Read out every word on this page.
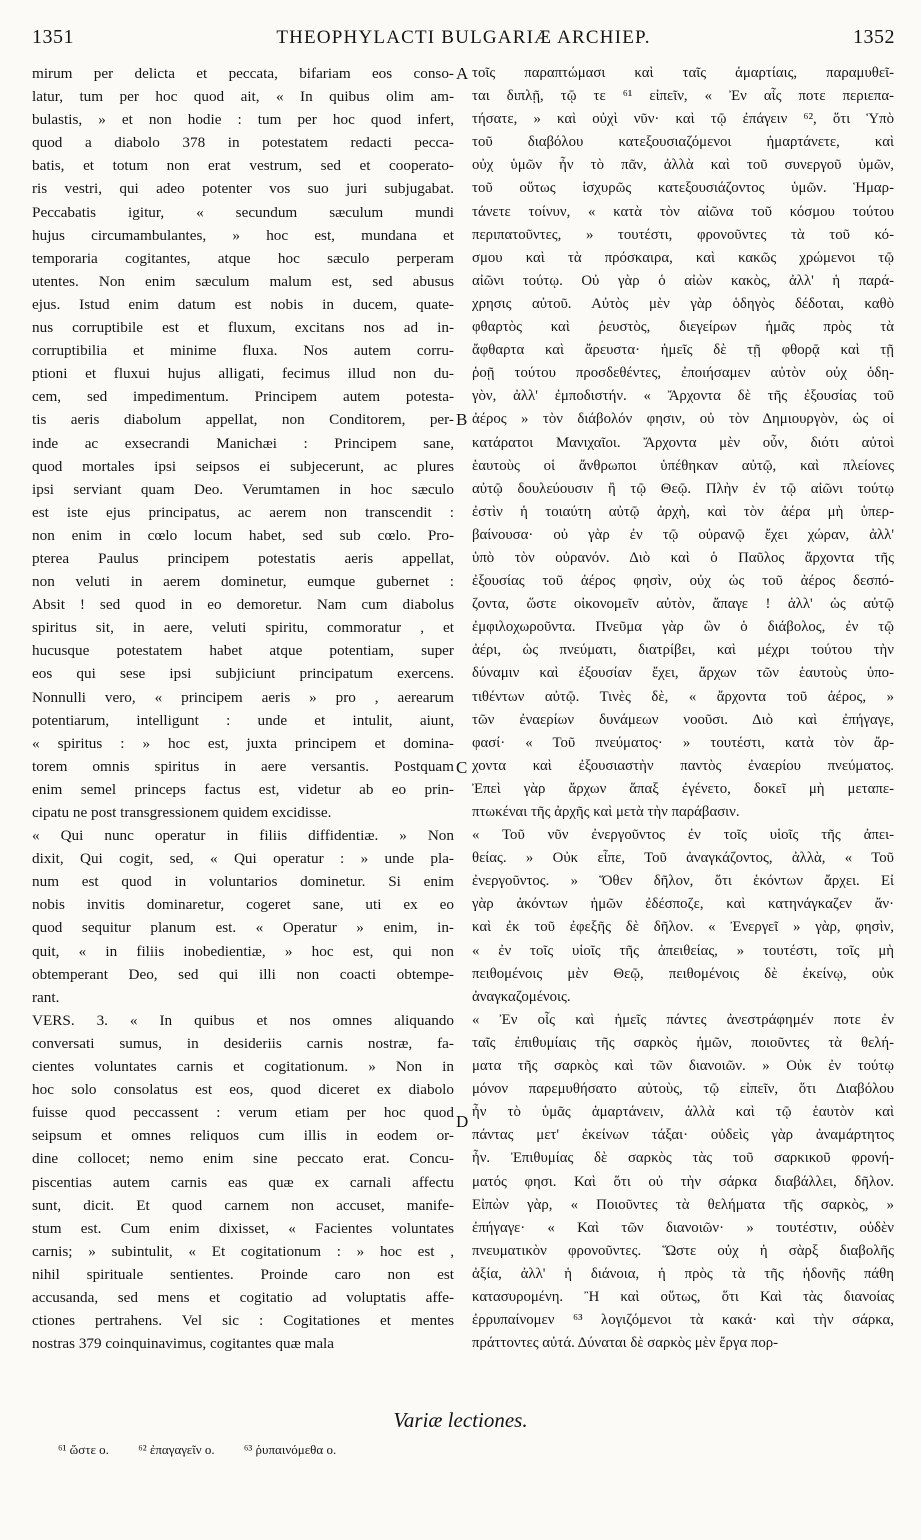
1351	THEOPHYLACTI BULGARIÆ ARCHIEP.	1352
mirum per delicta et peccata, bifariam eos conso-
latur, tum per hoc quod ait, « In quibus olim am-
bulastis, » et non hodie : tum per hoc quod infert,
quod a diabolo 378 in potestatem redacti pecca-
batis, et totum non erat vestrum, sed et cooperato-
ris vestri, qui adeo potenter vos suo juri subjugabat.
Peccabatis igitur, « secundum sæculum mundi
hujus circumambulantes, » hoc est, mundana et
temporaria cogitantes, atque hoc sæculo perperam
utentes. Non enim sæculum malum est, sed abusus
ejus. Istud enim datum est nobis in ducem, quate-
nus corruptibile est et fluxum, excitans nos ad in-
corruptibilia et minime fluxa. Nos autem corru-
ptioni et fluxui hujus alligati, fecimus illud non du-
cem, sed impedimentum. Principem autem potesta-
tis aeris diabolum appellat, non Conditorem, per-
inde ac exsecrandi Manichæi : Principem sane,
quod mortales ipsi seipsos ei subjecerunt, ac plures
ipsi serviant quam Deo. Verumtamen in hoc sæculo
est iste ejus principatus, ac aerem non transcendit :
non enim in cœlo locum habet, sed sub cœlo. Pro-
pterea Paulus principem potestatis aeris appellat,
non veluti in aerem dominetur, eumque gubernet :
Absit ! sed quod in eo demoretur. Nam cum diabolus
spiritus sit, in aere, veluti spiritu, commoratur , et
hucusque potestatem habet atque potentiam, super
eos qui sese ipsi subjiciunt principatum exercens.
Nonnulli vero, « principem aeris » pro , aerearum
potentiarum, intelligunt : unde et intulit, aiunt,
« spiritus : » hoc est, juxta principem et domina-
torem omnis spiritus in aere versantis. Postquam
enim semel princeps factus est, videtur ab eo prin-
cipatu ne post transgressionem quidem excidisse.
« Qui nunc operatur in filiis diffidentiæ. » Non
dixit, Qui cogit, sed, « Qui operatur : » unde pla-
num est quod in voluntarios dominetur. Si enim
nobis invitis dominaretur, cogeret sane, uti ex eo
quod sequitur planum est. « Operatur » enim, in-
quit, « in filiis inobedientiæ, » hoc est, qui non
obtemperant Deo, sed qui illi non coacti obtempe-
rant.
VERS. 3. « In quibus et nos omnes aliquando
conversati sumus, in desideriis carnis nostræ, fa-
cientes voluntates carnis et cogitationum. » Non in
hoc solo consolatus est eos, quod diceret ex diabolo
fuisse quod peccassent : verum etiam per hoc quod
seipsum et omnes reliquos cum illis in eodem or-
dine collocet; nemo enim sine peccato erat. Concu-
piscentias autem carnis eas quæ ex carnali affectu
sunt, dicit. Et quod carnem non accuset, manife-
stum est. Cum enim dixisset, « Facientes voluntates
carnis; » subintulit, « Et cogitationum : » hoc est ,
nihil spirituale sentientes. Proinde caro non est
accusanda, sed mens et cogitatio ad voluptatis affe-
ctiones pertrahens. Vel sic : Cogitationes et mentes
nostras 379 coinquinavimus, cogitantes quæ mala
τοῖς παραπτώμασι καὶ ταῖς ἁμαρτίαις, παραμυθεῖ-
ται διπλῇ, τῷ τε ⁶¹ εἰπεῖν, « Ἐν αἷς ποτε περιεπα-
τήσατε, » καὶ οὐχὶ νῦν· καὶ τῷ ἐπάγειν ⁶², ὅτι Ὑπὸ
τοῦ διαβόλου κατεξουσιαζόμενοι ἡμαρτάνετε, καὶ
οὐχ ὑμῶν ἦν τὸ πᾶν, ἀλλὰ καὶ τοῦ συνεργοῦ ὑμῶν,
τοῦ οὕτως ἰσχυρῶς κατεξουσιάζοντος ὑμῶν. Ἡμαρ-
τάνετε τοίνυν, « κατὰ τὸν αἰῶνα τοῦ κόσμου τούτου
περιπατοῦντες, » τουτέστι, φρονοῦντες τὰ τοῦ κό-
σμου καὶ τὰ πρόσκαιρα, καὶ κακῶς χρώμενοι τῷ
αἰῶνι τούτῳ. Οὐ γὰρ ὁ αἰὼν κακὸς, ἀλλ' ἡ παρά-
χρησις αὐτοῦ. Αὐτὸς μὲν γὰρ ὁδηγὸς δέδοται, καθὸ
φθαρτὸς καὶ ῥευστὸς, διεγείρων ἡμᾶς πρὸς τὰ
ἄφθαρτα καὶ ἄρευστα· ἡμεῖς δὲ τῇ φθορᾷ καὶ τῇ
ῥοῇ τούτου προσδεθέντες, ἐποιήσαμεν αὐτὸν οὐχ ὁδη-
γὸν, ἀλλ' ἐμποδιστήν. « Ἄρχοντα δὲ τῆς ἐξουσίας τοῦ
ἀέρος » τὸν διάβολόν φησιν, οὐ τὸν Δημιουργὸν, ὡς οἱ
κατάρατοι Μανιχαῖοι. Ἄρχοντα μὲν οὖν, διότι αὐτοὶ
ἑαυτοὺς οἱ ἄνθρωποι ὑπέθηκαν αὐτῷ, καὶ πλείονες
αὐτῷ δουλεύουσιν ἢ τῷ Θεῷ. Πλὴν ἐν τῷ αἰῶνι τούτῳ
ἐστὶν ἡ τοιαύτη αὐτῷ ἀρχὴ, καὶ τὸν ἀέρα μὴ ὑπερ-
βαίνουσα· οὐ γὰρ ἐν τῷ οὐρανῷ ἔχει χώραν, ἀλλ'
ὑπὸ τὸν οὐρανόν. Διὸ καὶ ὁ Παῦλος ἄρχοντα τῆς
ἐξουσίας τοῦ ἀέρος φησὶν, οὐχ ὡς τοῦ ἀέρος δεσπό-
ζοντα, ὥστε οἰκονομεῖν αὐτὸν, ἄπαγε ! ἀλλ' ὡς αὐτῷ
ἐμφιλοχωροῦντα. Πνεῦμα γὰρ ὢν ὁ διάβολος, ἐν τῷ
ἀέρι, ὡς πνεύματι, διατρίβει, καὶ μέχρι τούτου τὴν
δύναμιν καὶ ἐξουσίαν ἔχει, ἄρχων τῶν ἑαυτοὺς ὑπο-
τιθέντων αὐτῷ. Τινὲς δὲ, « ἄρχοντα τοῦ ἀέρος, »
τῶν ἐναερίων δυνάμεων νοοῦσι. Διὸ καὶ ἐπήγαγε,
φασί· « Τοῦ πνεύματος· » τουτέστι, κατὰ τὸν ἄρ-
χοντα καὶ ἐξουσιαστὴν παντὸς ἐναερίου πνεύματος.
Ἐπεὶ γὰρ ἄρχων ἅπαξ ἐγένετο, δοκεῖ μὴ μεταπε-
πτωκέναι τῆς ἀρχῆς καὶ μετὰ τὴν παράβασιν.
« Τοῦ νῦν ἐνεργοῦντος ἐν τοῖς υἱοῖς τῆς ἀπει-
θείας. » Οὐκ εἶπε, Τοῦ ἀναγκάζοντος, ἀλλὰ, « Τοῦ
ἐνεργοῦντος. » Ὅθεν δῆλον, ὅτι ἑκόντων ἄρχει. Εἰ
γὰρ ἀκόντων ἡμῶν ἐδέσποζε, καὶ κατηνάγκαζεν ἄν·
καὶ ἐκ τοῦ ἐφεξῆς δὲ δῆλον. « Ἐνεργεῖ » γὰρ, φησὶν,
« ἐν τοῖς υἱοῖς τῆς ἀπειθείας, » τουτέστι, τοῖς μὴ
πειθομένοις μὲν Θεῷ, πειθομένοις δὲ ἐκείνῳ, οὐκ
ἀναγκαζομένοις.
« Ἐν οἷς καὶ ἡμεῖς πάντες ἀνεστράφημέν ποτε ἐν
ταῖς ἐπιθυμίαις τῆς σαρκὸς ἡμῶν, ποιοῦντες τὰ θελή-
ματα τῆς σαρκὸς καὶ τῶν διανοιῶν. » Οὐκ ἐν τούτῳ
μόνον παρεμυθήσατο αὐτοὺς, τῷ εἰπεῖν, ὅτι Διαβόλου
ἦν τὸ ὑμᾶς ἁμαρτάνειν, ἀλλὰ καὶ τῷ ἑαυτὸν καὶ
πάντας μετ' ἐκείνων τάξαι· οὐδεὶς γὰρ ἀναμάρτητος
ἦν. Ἐπιθυμίας δὲ σαρκὸς τὰς τοῦ σαρκικοῦ φρονή-
ματός φησι. Καὶ ὅτι οὐ τὴν σάρκα διαβάλλει, δῆλον.
Εἰπὼν γὰρ, « Ποιοῦντες τὰ θελήματα τῆς σαρκὸς, »
ἐπήγαγε· « Καὶ τῶν διανοιῶν· » τουτέστιν, οὐδὲν
πνευματικὸν φρονοῦντες. Ὥστε οὐχ ἡ σὰρξ διαβολῆς
ἀξία, ἀλλ' ἡ διάνοια, ἡ πρὸς τὰ τῆς ἡδονῆς πάθη
κατασυρομένη. Ἢ καὶ οὕτως, ὅτι Καὶ τὰς διανοίας
ἐρρυπαίνομεν ⁶³ λογιζόμενοι τὰ κακά· καὶ τὴν σάρκα,
πράττοντες αὐτά. Δύναται δὲ σαρκὸς μὲν ἔργα πορ-
A
B
C
D
Variæ lectiones.
⁶¹ ὥστε ο. ⁶² ἐπαγαγεῖν ο. ⁶³ ῥυπαινόμεθα ο.
